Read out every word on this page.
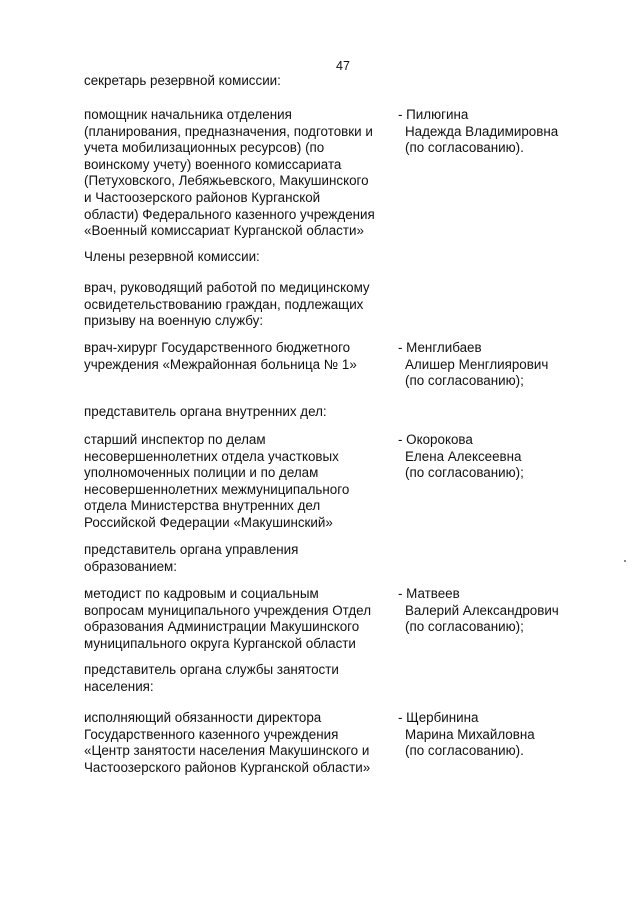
47
секретарь резервной комиссии:
помощник начальника отделения
(планирования, предназначения, подготовки и
учета мобилизационных ресурсов) (по
воинскому учету) военного комиссариата
(Петуховского, Лебяжьевского, Макушинского
и Частоозерского районов Курганской
области) Федерального казенного учреждения
«Военный комиссариат Курганской области»
- Пилюгина
Надежда Владимировна
(по согласованию).
Члены резервной комиссии:
врач, руководящий работой по медицинскому
освидетельствованию граждан, подлежащих
призыву на военную службу:
врач-хирург Государственного бюджетного
учреждения «Межрайонная больница № 1»
- Менглибаев
Алишер Менглиярович
(по согласованию);
представитель органа внутренних дел:
старший инспектор по делам
несовершеннолетних отдела участковых
уполномоченных полиции и по делам
несовершеннолетних межмуниципального
отдела Министерства внутренних дел
Российской Федерации «Макушинский»
- Окорокова
Елена Алексеевна
(по согласованию);
представитель органа управления
образованием:
методист по кадровым и социальным
вопросам муниципального учреждения Отдел
образования Администрации Макушинского
муниципального округа Курганской области
- Матвеев
Валерий Александрович
(по согласованию);
представитель органа службы занятости
населения:
исполняющий обязанности директора
Государственного казенного учреждения
«Центр занятости населения Макушинского и
Частоозерского районов Курганской области»
- Щербинина
Марина Михайловна
(по согласованию).
